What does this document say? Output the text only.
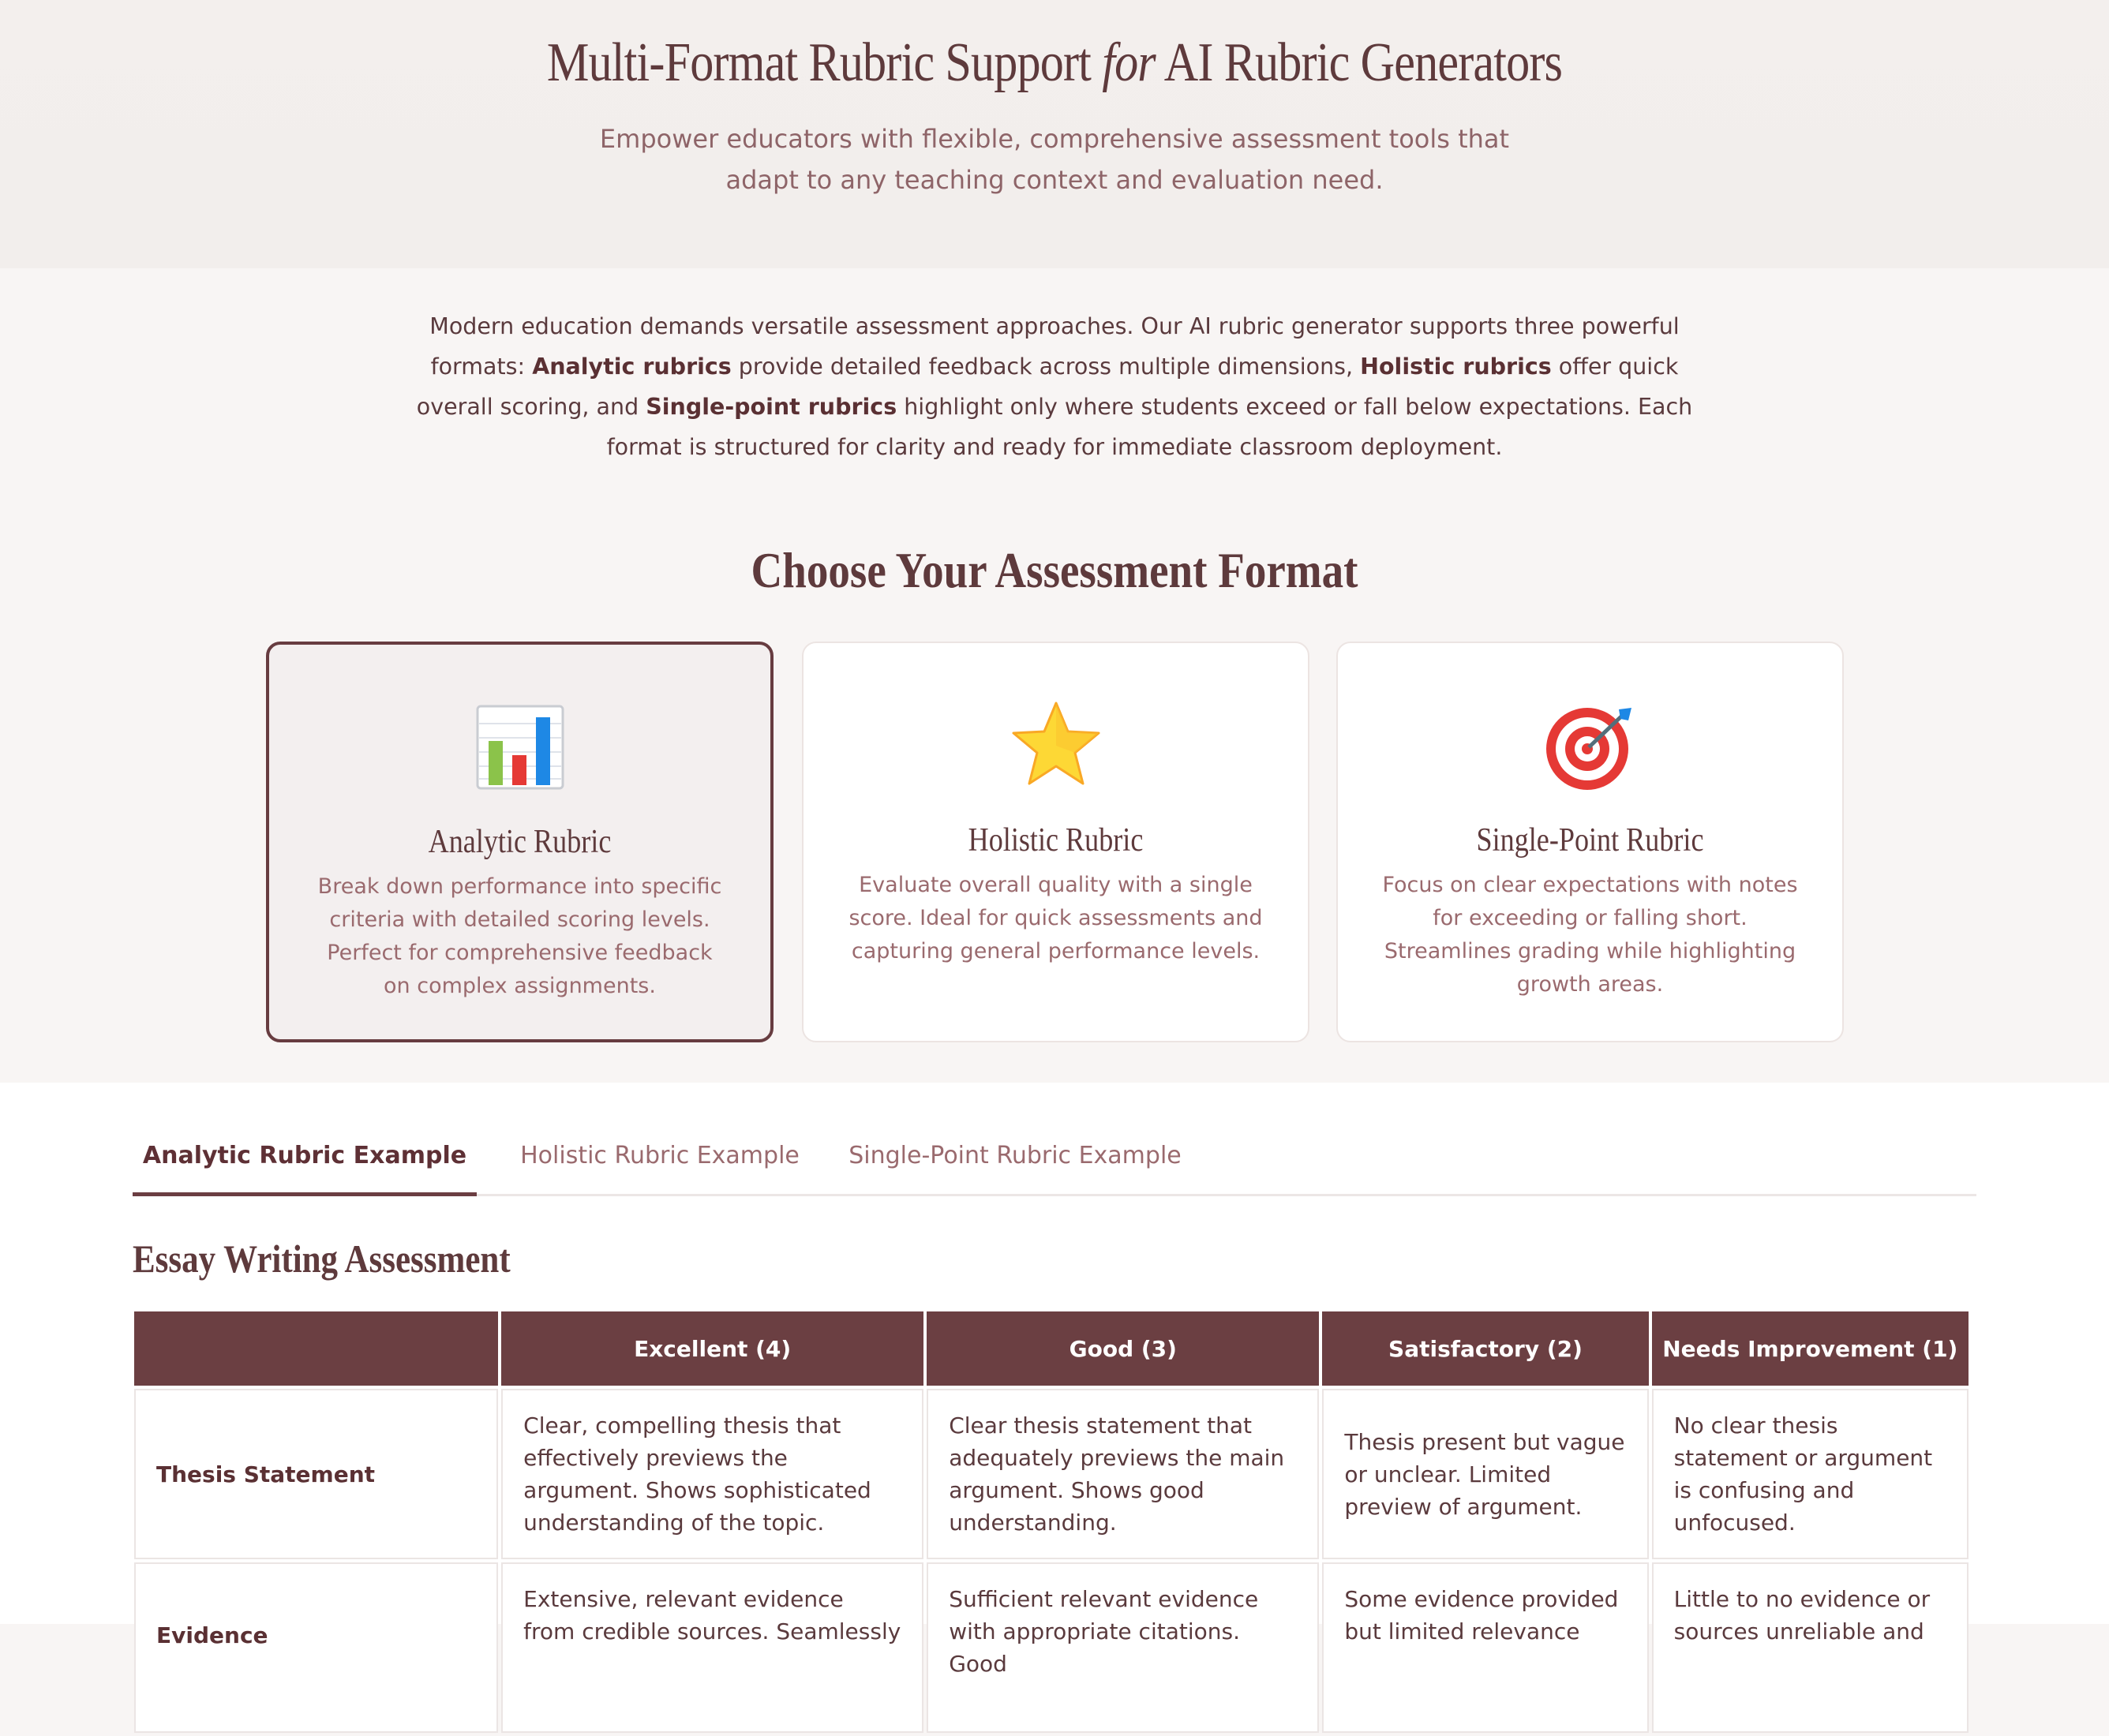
Multi-Format Rubric Support for AI Rubric Generators

Empower educators with flexible, comprehensive assessment tools that adapt to any teaching context and evaluation need.

Modern education demands versatile assessment approaches. Our AI rubric generator supports three powerful formats: Analytic rubrics provide detailed feedback across multiple dimensions, Holistic rubrics offer quick overall scoring, and Single-point rubrics highlight only where students exceed or fall below expectations. Each format is structured for clarity and ready for immediate classroom deployment.

Choose Your Assessment Format
Analytic Rubric

Break down performance into specific criteria with detailed scoring levels. Perfect for comprehensive feedback on complex assignments.

Holistic Rubric

Evaluate overall quality with a single score. Ideal for quick assessments and capturing general performance levels.

Single-Point Rubric

Focus on clear expectations with notes for exceeding or falling short. Streamlines grading while highlighting growth areas.

Analytic Rubric Example	Holistic Rubric Example	Single-Point Rubric Example
Essay Writing Assessment
	Excellent (4)	Good (3)	Satisfactory (2)	Needs Improvement (1)
Thesis Statement	Clear, compelling thesis that effectively previews the argument. Shows sophisticated understanding of the topic.	Clear thesis statement that adequately previews the main argument. Shows good understanding.	Thesis present but vague or unclear. Limited preview of argument.	No clear thesis statement or argument is confusing and unfocused.
Evidence	Extensive, relevant evidence from credible sources. Seamlessly	Sufficient relevant evidence with appropriate citations. Good	Some evidence provided but limited relevance	Little to no evidence or sources unreliable and
